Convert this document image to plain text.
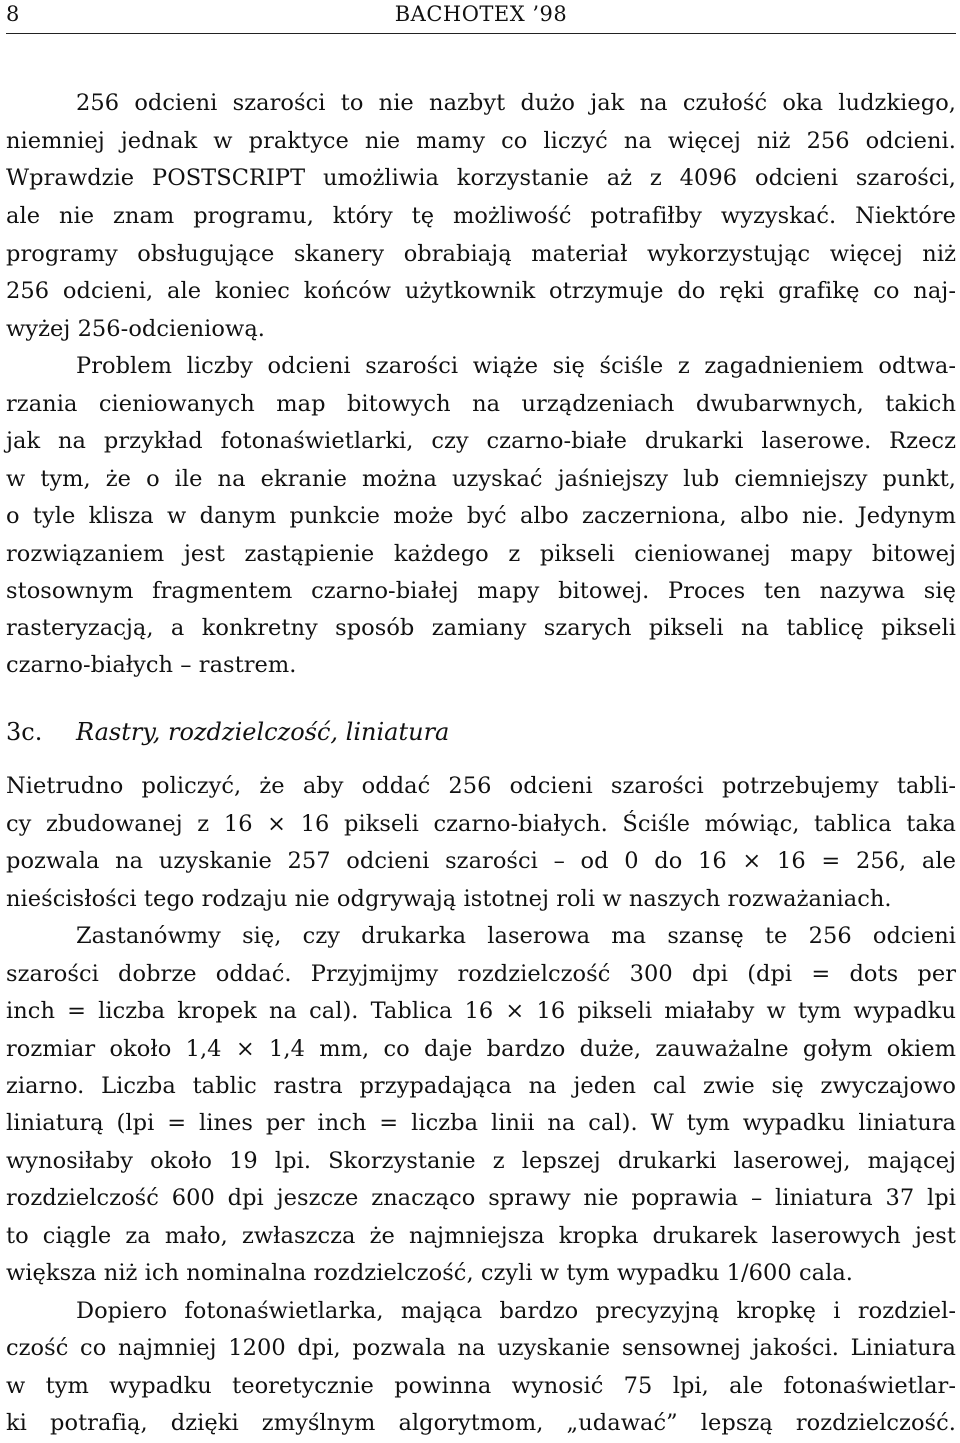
8	BACHOTEX ’98
256 odcieni szarości to nie nazbyt dużo jak na czułość oka ludzkiego,
niemniej jednak w praktyce nie mamy co liczyć na więcej niż 256 odcieni.
Wprawdzie POSTSCRIPT umożliwia korzystanie aż z 4096 odcieni szarości,
ale nie znam programu, który tę możliwość potrafiłby wyzyskać. Niektóre
programy obsługujące skanery obrabiają materiał wykorzystując więcej niż
256 odcieni, ale koniec końców użytkownik otrzymuje do ręki grafikę co naj-
wyżej 256-odcieniową.
Problem liczby odcieni szarości wiąże się ściśle z zagadnieniem odtwa-
rzania cieniowanych map bitowych na urządzeniach dwubarwnych, takich
jak na przykład fotonaświetlarki, czy czarno-białe drukarki laserowe. Rzecz
w tym, że o ile na ekranie można uzyskać jaśniejszy lub ciemniejszy punkt,
o tyle klisza w danym punkcie może być albo zaczerniona, albo nie. Jedynym
rozwiązaniem jest zastąpienie każdego z pikseli cieniowanej mapy bitowej
stosownym fragmentem czarno-białej mapy bitowej. Proces ten nazywa się
rasteryzacją, a konkretny sposób zamiany szarych pikseli na tablicę pikseli
czarno-białych – rastrem.
3c. Rastry, rozdzielczość, liniatura
Nietrudno policzyć, że aby oddać 256 odcieni szarości potrzebujemy tabli-
cy zbudowanej z 16 × 16 pikseli czarno-białych. Ściśle mówiąc, tablica taka
pozwala na uzyskanie 257 odcieni szarości – od 0 do 16 × 16 = 256, ale
nieścisłości tego rodzaju nie odgrywają istotnej roli w naszych rozważaniach.
Zastanówmy się, czy drukarka laserowa ma szansę te 256 odcieni
szarości dobrze oddać. Przyjmijmy rozdzielczość 300 dpi (dpi = dots per
inch = liczba kropek na cal). Tablica 16 × 16 pikseli miałaby w tym wypadku
rozmiar około 1,4 × 1,4 mm, co daje bardzo duże, zauważalne gołym okiem
ziarno. Liczba tablic rastra przypadająca na jeden cal zwie się zwyczajowo
liniaturą (lpi = lines per inch = liczba linii na cal). W tym wypadku liniatura
wynosiłaby około 19 lpi. Skorzystanie z lepszej drukarki laserowej, mającej
rozdzielczość 600 dpi jeszcze znacząco sprawy nie poprawia – liniatura 37 lpi
to ciągle za mało, zwłaszcza że najmniejsza kropka drukarek laserowych jest
większa niż ich nominalna rozdzielczość, czyli w tym wypadku 1/600 cala.
Dopiero fotonaświetlarka, mająca bardzo precyzyjną kropkę i rozdziel-
czość co najmniej 1200 dpi, pozwala na uzyskanie sensownej jakości. Liniatura
w tym wypadku teoretycznie powinna wynosić 75 lpi, ale fotonaświetlar-
ki potrafią, dzięki zmyślnym algorytmom, „udawać” lepszą rozdzielczość.
